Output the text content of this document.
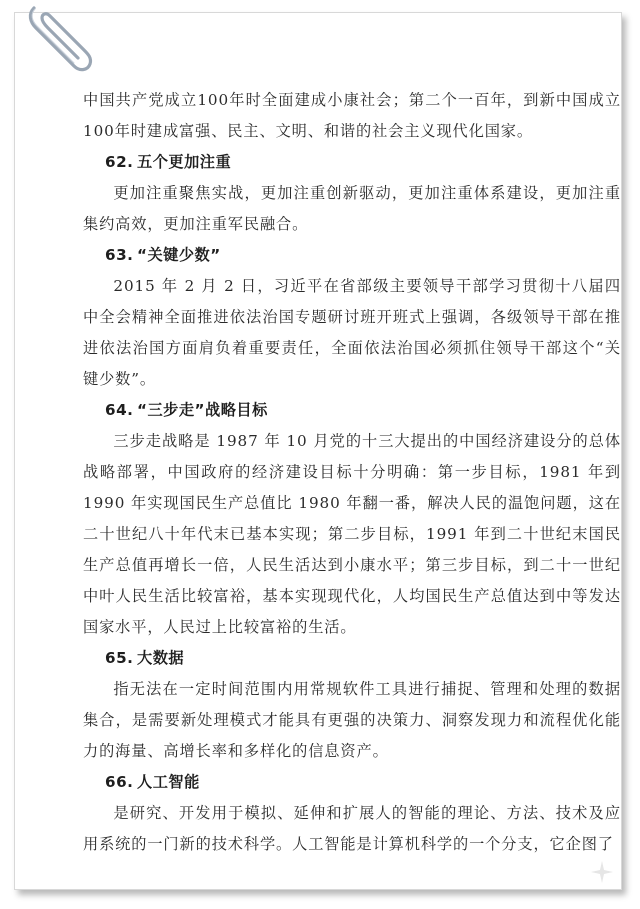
中国共产党成立100年时全面建成小康社会；第二个一百年，到新中国成立100年时建成富强、民主、文明、和谐的社会主义现代化国家。

62. 五个更加注重

更加注重聚焦实战，更加注重创新驱动，更加注重体系建设，更加注重集约高效，更加注重军民融合。

63. “关键少数”

2015 年 2 月 2 日，习近平在省部级主要领导干部学习贯彻十八届四中全会精神全面推进依法治国专题研讨班开班式上强调，各级领导干部在推进依法治国方面肩负着重要责任，全面依法治国必须抓住领导干部这个“关键少数”。

64. “三步走”战略目标

三步走战略是 1987 年 10 月党的十三大提出的中国经济建设分的总体战略部署，中国政府的经济建设目标十分明确：第一步目标，1981 年到 1990 年实现国民生产总值比 1980 年翻一番，解决人民的温饱问题，这在二十世纪八十年代末已基本实现；第二步目标，1991 年到二十世纪末国民生产总值再增长一倍，人民生活达到小康水平；第三步目标，到二十一世纪中叶人民生活比较富裕，基本实现现代化，人均国民生产总值达到中等发达国家水平，人民过上比较富裕的生活。

65. 大数据

指无法在一定时间范围内用常规软件工具进行捕捉、管理和处理的数据集合，是需要新处理模式才能具有更强的决策力、洞察发现力和流程优化能力的海量、高增长率和多样化的信息资产。

66. 人工智能

是研究、开发用于模拟、延伸和扩展人的智能的理论、方法、技术及应用系统的一门新的技术科学。人工智能是计算机科学的一个分支，它企图了
